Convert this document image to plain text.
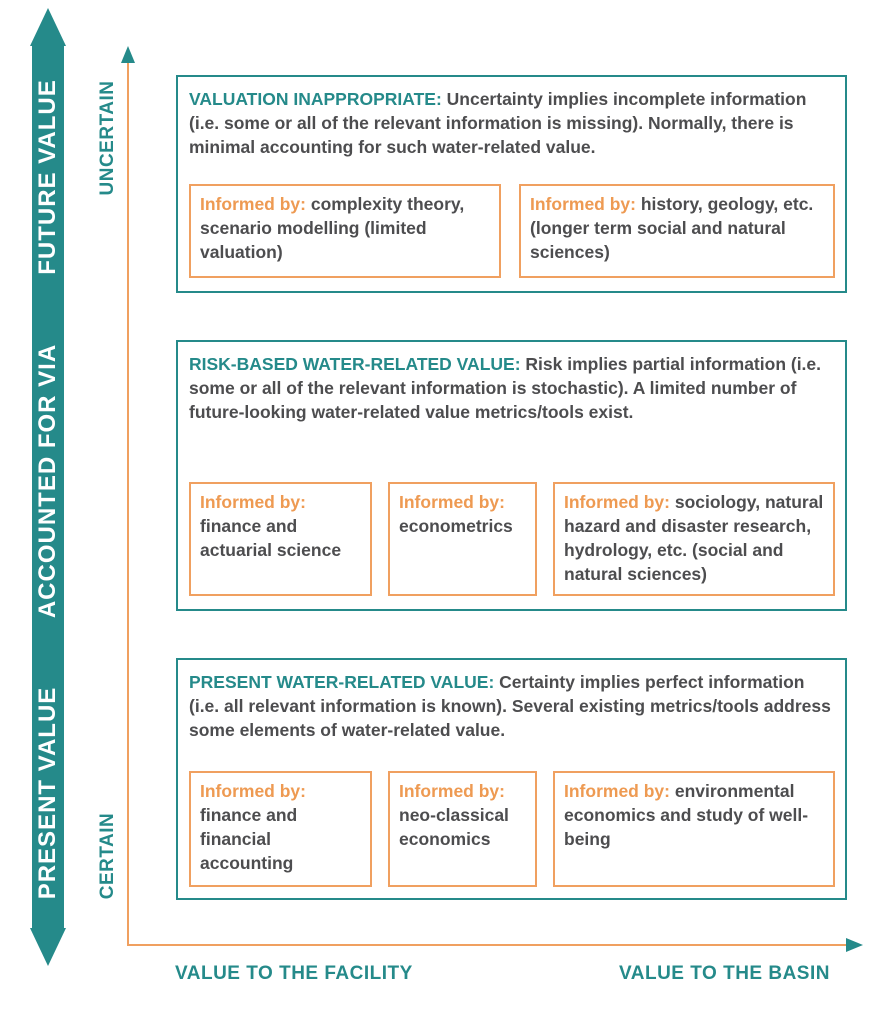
PRESENT VALUE
ACCOUNTED FOR VIA
FUTURE VALUE UNCERTAIN
CERTAIN
VALUE TO THE FACILITY	VALUE TO THE BASIN
VALUATION INAPPROPRIATE: Uncertainty implies incomplete information (i.e. some or all of the relevant information is missing). Normally, there is minimal accounting for such water-related value.
Informed by: complexity theory, scenario modelling (limited valuation)
Informed by: history, geology, etc. (longer term social and natural sciences)
RISK-BASED WATER-RELATED VALUE: Risk implies partial information (i.e. some or all of the relevant information is stochastic). A limited number of future-looking water-related value metrics/tools exist.
Informed by: finance and actuarial science
Informed by: econometrics
Informed by: sociology, natural hazard and disaster research, hydrology, etc. (social and natural sciences)
PRESENT WATER-RELATED VALUE: Certainty implies perfect information (i.e. all relevant information is known). Several existing metrics/tools address some elements of water-related value.
Informed by: finance and financial accounting
Informed by: neo-classical economics
Informed by: environmental economics and study of well-being
